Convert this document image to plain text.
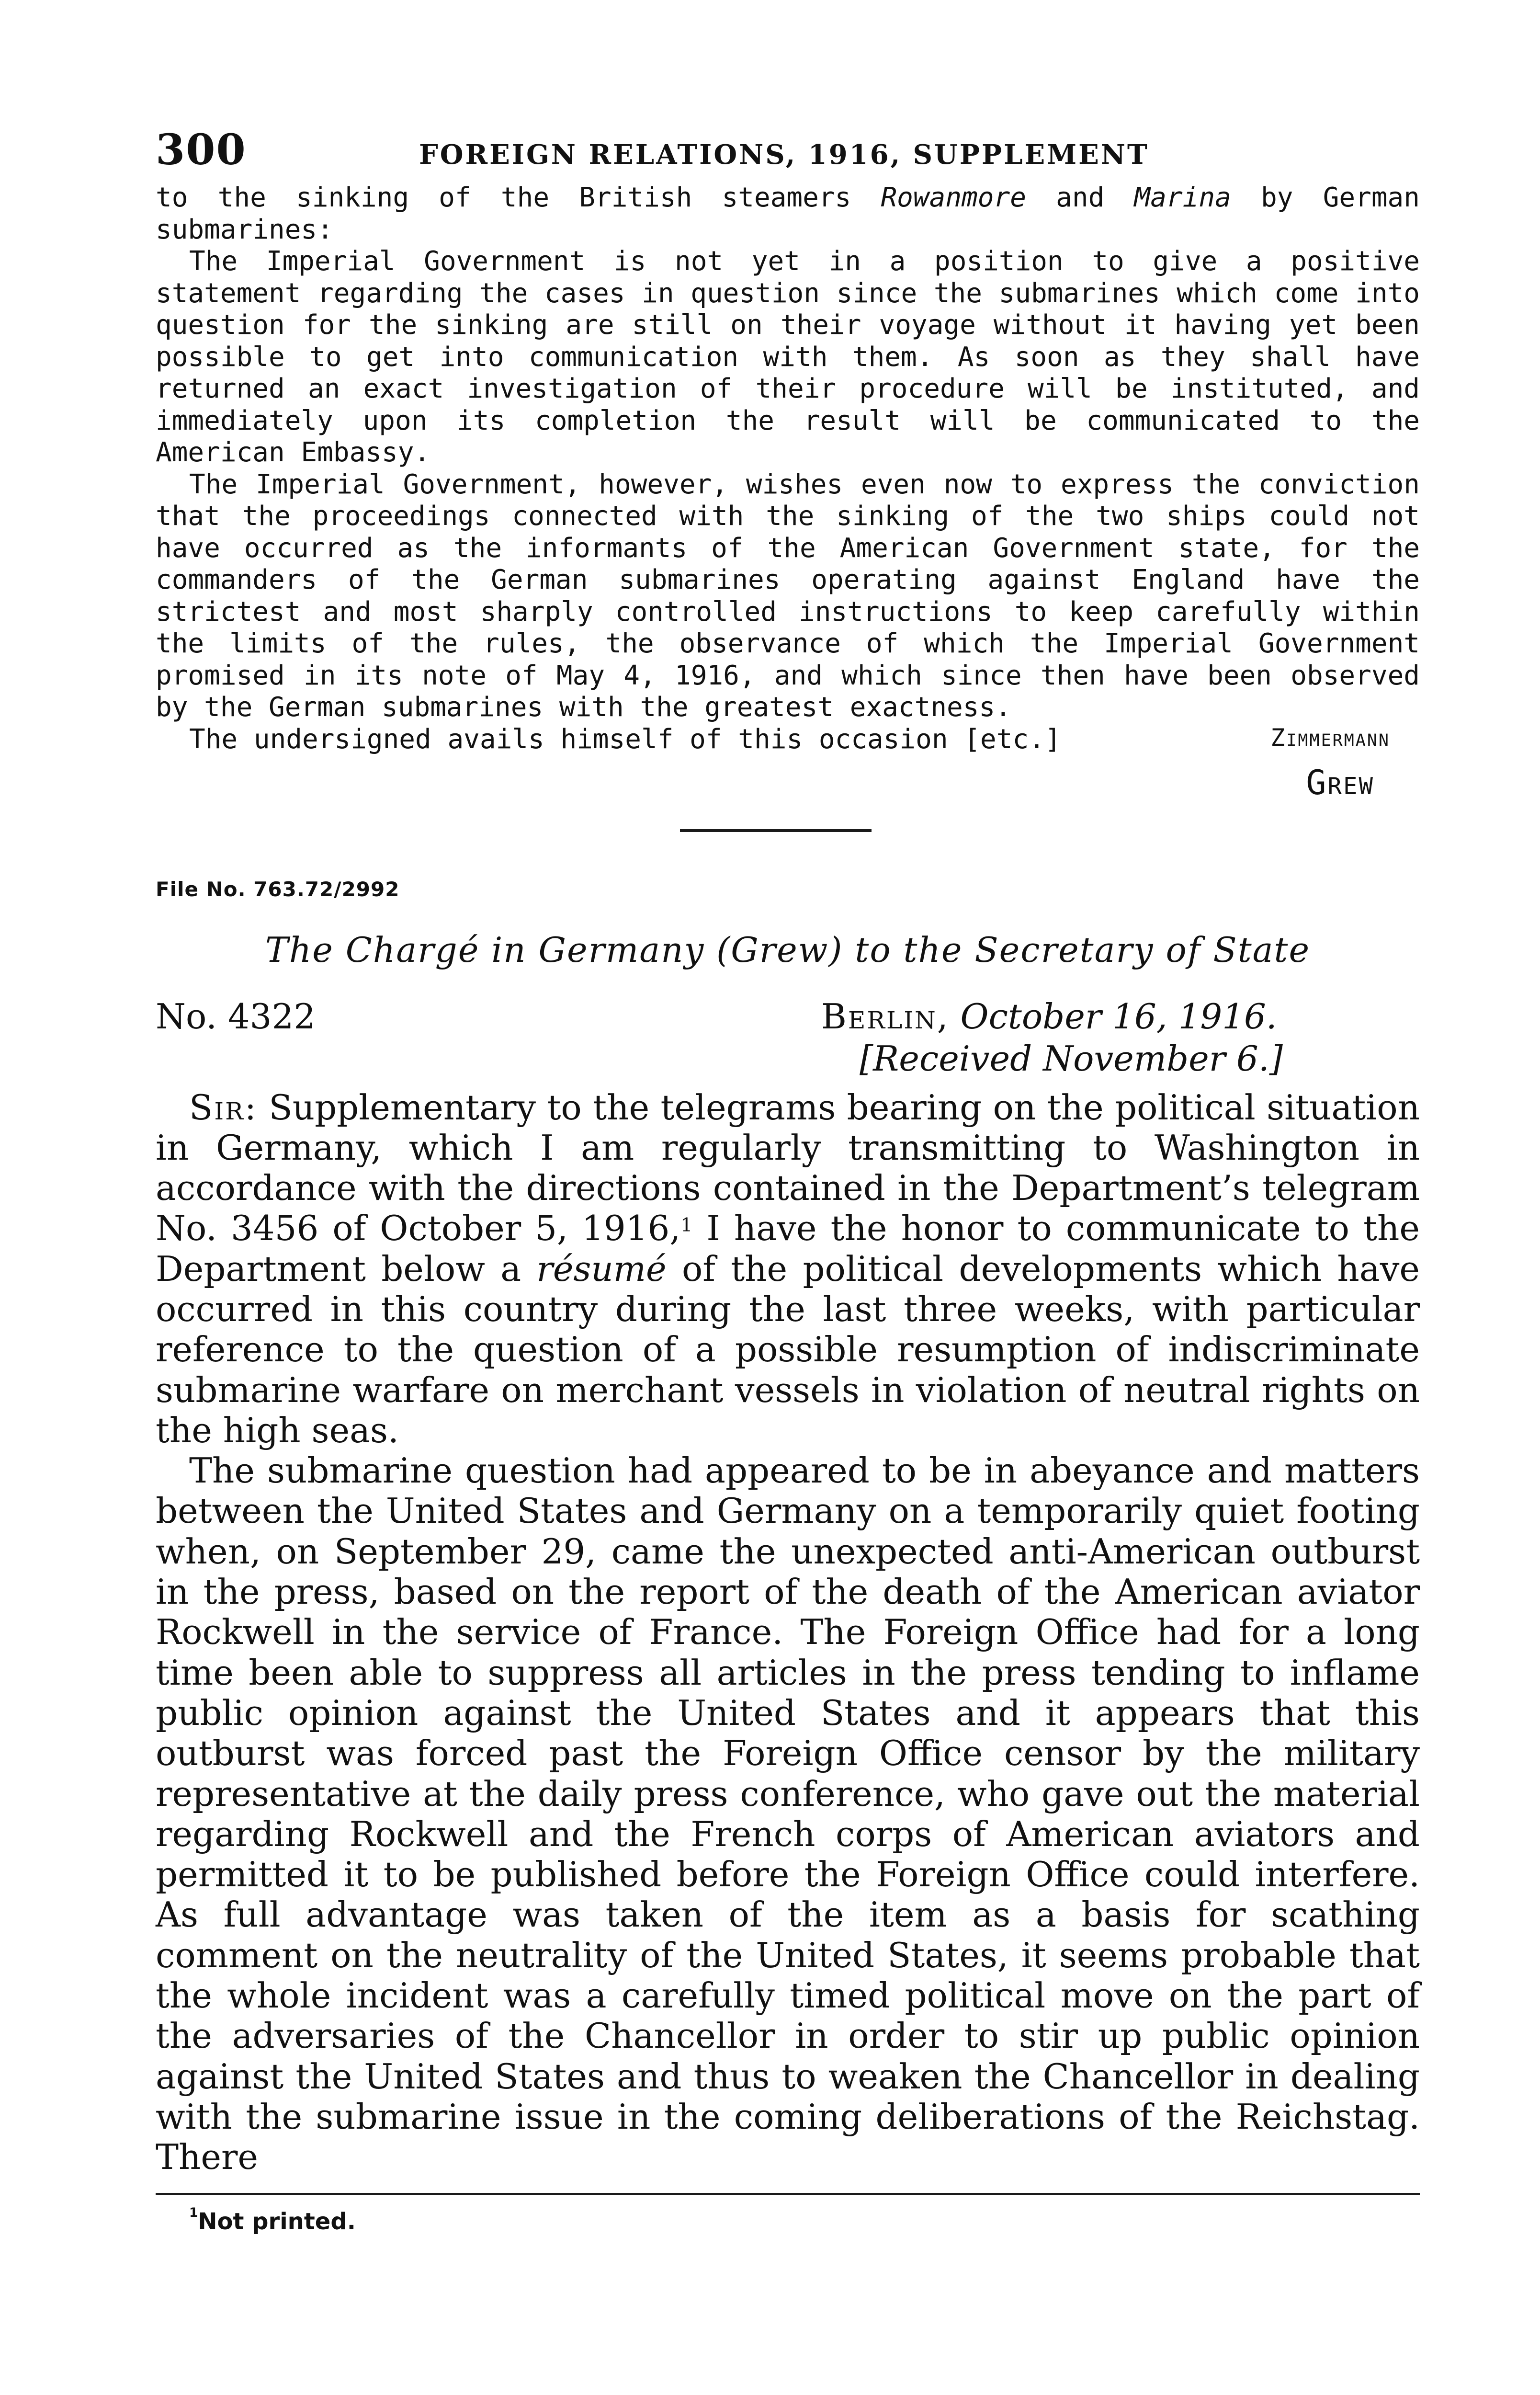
300	FOREIGN RELATIONS, 1916, SUPPLEMENT

to the sinking of the British steamers Rowanmore and Marina by German submarines:

The Imperial Government is not yet in a position to give a positive statement regarding the cases in question since the submarines which come into question for the sinking are still on their voyage without it having yet been possible to get into communication with them. As soon as they shall have returned an exact investigation of their procedure will be instituted, and immediately upon its completion the result will be communicated to the American Embassy.

The Imperial Government, however, wishes even now to express the conviction that the proceedings connected with the sinking of the two ships could not have occurred as the informants of the American Government state, for the commanders of the German submarines operating against England have the strictest and most sharply controlled instructions to keep carefully within the limits of the rules, the observance of which the Imperial Government promised in its note of May 4, 1916, and which since then have been observed by the German submarines with the greatest exactness.

The undersigned avails himself of this occasion [etc.]	Zimmermann
Grew
File No. 763.72/2992
The Chargé in Germany (Grew) to the Secretary of State
No. 4322	Berlin, October 16, 1916.
[Received November 6.]

Sir: Supplementary to the telegrams bearing on the political situation in Germany, which I am regularly transmitting to Washington in accordance with the directions contained in the Department’s telegram No. 3456 of October 5, 1916,$^1$ I have the honor to communicate to the Department below a résumé of the political developments which have occurred in this country during the last three weeks, with particular reference to the question of a possible resumption of indiscriminate submarine warfare on merchant vessels in violation of neutral rights on the high seas.

The submarine question had appeared to be in abeyance and matters between the United States and Germany on a temporarily quiet footing when, on September 29, came the unexpected anti-American outburst in the press, based on the report of the death of the American aviator Rockwell in the service of France. The Foreign Office had for a long time been able to suppress all articles in the press tending to inflame public opinion against the United States and it appears that this outburst was forced past the Foreign Office censor by the military representative at the daily press conference, who gave out the material regarding Rockwell and the French corps of American aviators and permitted it to be published before the Foreign Office could interfere. As full advantage was taken of the item as a basis for scathing comment on the neutrality of the United States, it seems probable that the whole incident was a carefully timed political move on the part of the adversaries of the Chancellor in order to stir up public opinion against the United States and thus to weaken the Chancellor in dealing with the submarine issue in the coming deliberations of the Reichstag. There

$^1$Not printed.
